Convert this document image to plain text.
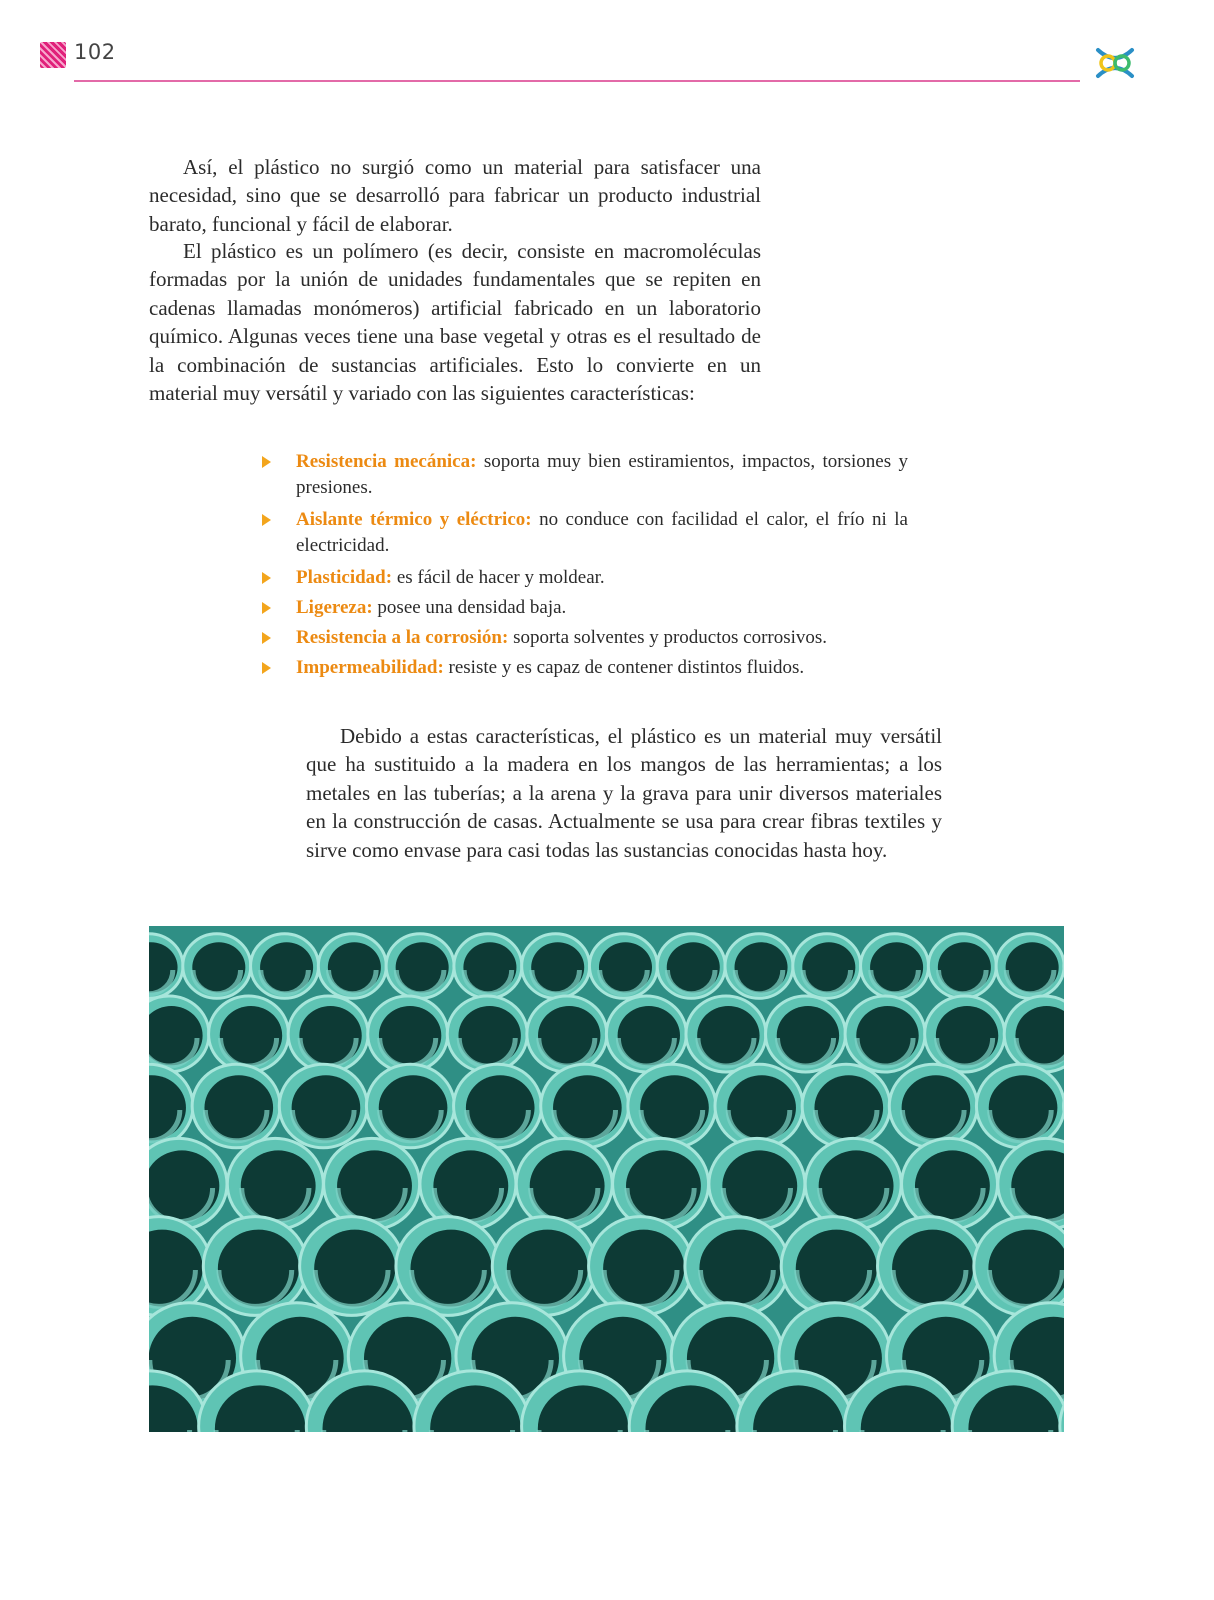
102

Así, el plástico no surgió como un material para satisfacer una necesidad, sino que se desarrolló para fabricar un producto industrial barato, funcional y fácil de elaborar.

El plástico es un polímero (es decir, consiste en macromoléculas formadas por la unión de unidades fundamentales que se repiten en cadenas llamadas monómeros) artificial fabricado en un laboratorio químico. Algunas veces tiene una base vegetal y otras es el resultado de la combinación de sustancias artificiales. Esto lo convierte en un material muy versátil y variado con las siguientes características:

Resistencia mecánica: soporta muy bien estiramientos, impactos, torsiones y presiones.
Aislante térmico y eléctrico: no conduce con facilidad el calor, el frío ni la electricidad.
Plasticidad: es fácil de hacer y moldear.
Ligereza: posee una densidad baja.
Resistencia a la corrosión: soporta solventes y productos corrosivos.
Impermeabilidad: resiste y es capaz de contener distintos fluidos.

Debido a estas características, el plástico es un material muy versátil que ha sustituido a la madera en los mangos de las herramientas; a los metales en las tuberías; a la arena y la grava para unir diversos materiales en la construcción de casas. Actualmente se usa para crear fibras textiles y sirve como envase para casi todas las sustancias conocidas hasta hoy.
